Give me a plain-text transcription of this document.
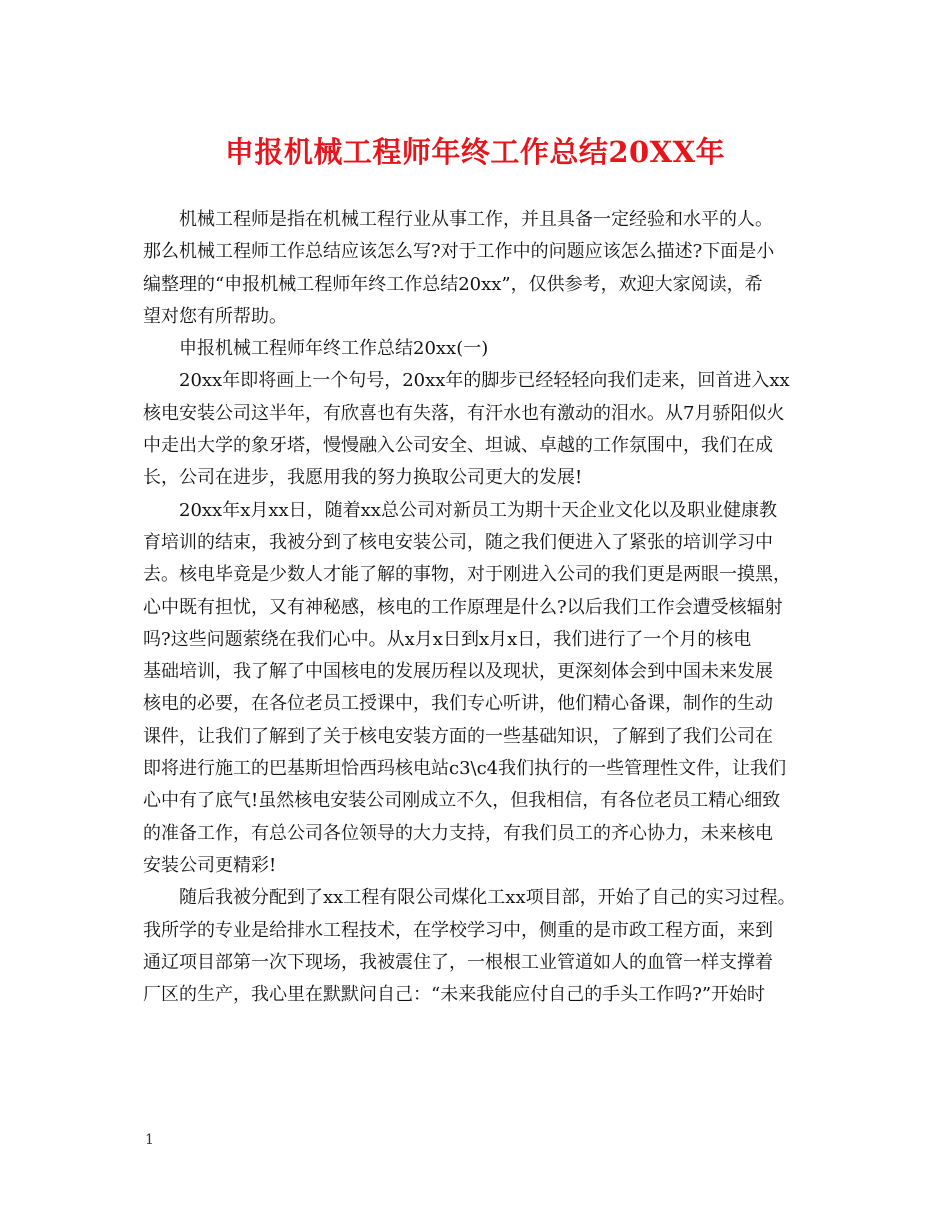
申报机械工程师年终工作总结20XX年
机械工程师是指在机械工程行业从事工作，并且具备一定经验和水平的人。
那么机械工程师工作总结应该怎么写?对于工作中的问题应该怎么描述?下面是小
编整理的“申报机械工程师年终工作总结20xx”，仅供参考，欢迎大家阅读，希
望对您有所帮助。
申报机械工程师年终工作总结20xx(一)
20xx年即将画上一个句号，20xx年的脚步已经轻轻向我们走来，回首进入xx
核电安装公司这半年，有欣喜也有失落，有汗水也有激动的泪水。从7月骄阳似火
中走出大学的象牙塔，慢慢融入公司安全、坦诚、卓越的工作氛围中，我们在成
长，公司在进步，我愿用我的努力换取公司更大的发展!
20xx年x月xx日，随着xx总公司对新员工为期十天企业文化以及职业健康教
育培训的结束，我被分到了核电安装公司，随之我们便进入了紧张的培训学习中
去。核电毕竟是少数人才能了解的事物，对于刚进入公司的我们更是两眼一摸黑，
心中既有担忧，又有神秘感，核电的工作原理是什么?以后我们工作会遭受核辐射
吗?这些问题萦绕在我们心中。从x月x日到x月x日，我们进行了一个月的核电
基础培训，我了解了中国核电的发展历程以及现状，更深刻体会到中国未来发展
核电的必要，在各位老员工授课中，我们专心听讲，他们精心备课，制作的生动
课件，让我们了解到了关于核电安装方面的一些基础知识，了解到了我们公司在
即将进行施工的巴基斯坦恰西玛核电站c3\c4我们执行的一些管理性文件，让我们
心中有了底气!虽然核电安装公司刚成立不久，但我相信，有各位老员工精心细致
的准备工作，有总公司各位领导的大力支持，有我们员工的齐心协力，未来核电
安装公司更精彩!
随后我被分配到了xx工程有限公司煤化工xx项目部，开始了自己的实习过程。
我所学的专业是给排水工程技术，在学校学习中，侧重的是市政工程方面，来到
通辽项目部第一次下现场，我被震住了，一根根工业管道如人的血管一样支撑着
厂区的生产，我心里在默默问自己：“未来我能应付自己的手头工作吗?”开始时
1
